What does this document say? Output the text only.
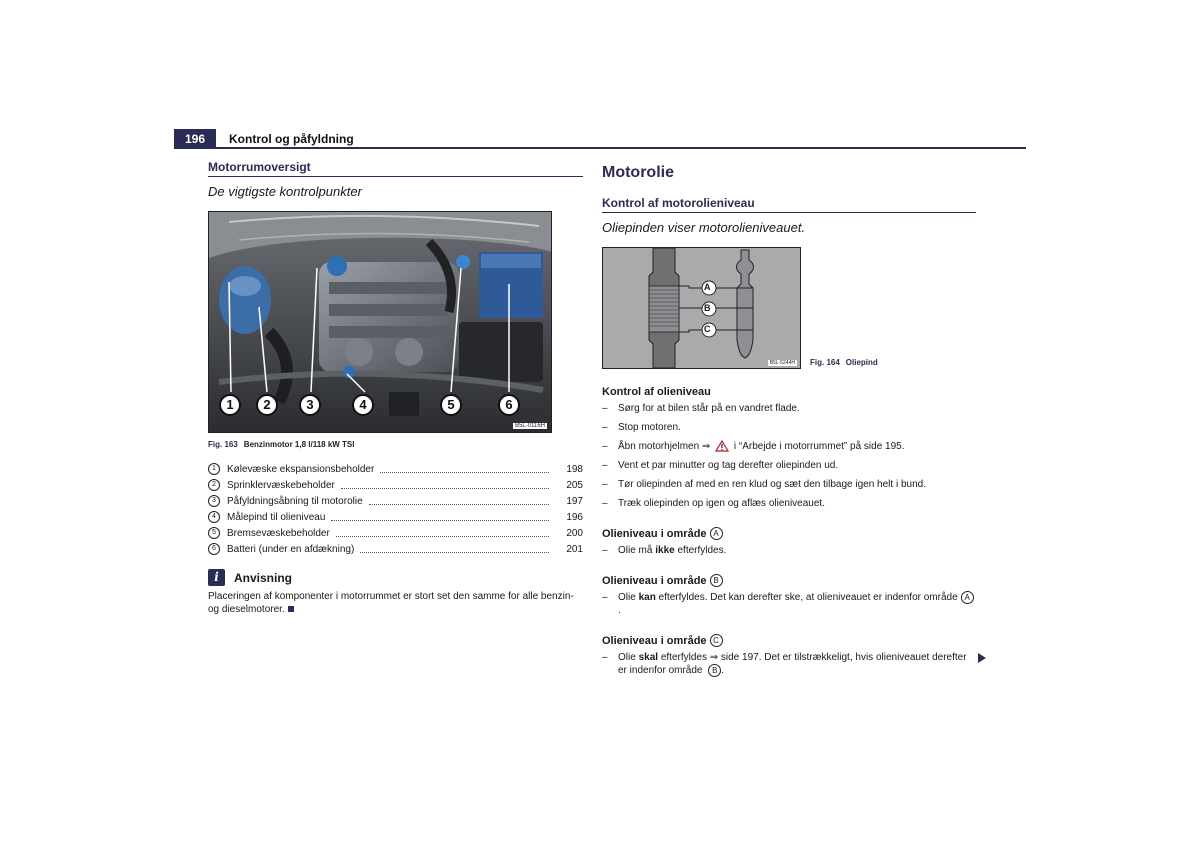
196	Kontrol og påfyldning
Motorrumoversigt
De vigtigste kontrolpunkter
1	2	3	4	5	6
B5L-0116H
Fig. 163 Benzinmotor 1,8 l/118 kW TSI
1	Kølevæske ekspansionsbeholder	198
2	Sprinklervæskebeholder	205
3	Påfyldningsåbning til motorolie	197
4	Målepind til olieniveau	196
5	Bremsevæskebeholder	200
6	Batteri (under en afdækning)	201
i	Anvisning
Placeringen af komponenter i motorrummet er stort set den samme for alle benzin- og dieselmotorer.
Motorolie
Kontrol af motorolieniveau
Oliepinden viser motorolieniveauet.
A
B
C
B5L-5244H Fig. 164 Oliepind
Kontrol af olieniveau
–	Sørg for at bilen står på en vandret flade.
–	Stop motoren.
–	Åbn motorhjelmen ⇒ i “Arbejde i motorrummet” på side 195.
–	Vent et par minutter og tag derefter oliepinden ud.
–	Tør oliepinden af med en ren klud og sæt den tilbage igen helt i bund.
–	Træk oliepinden op igen og aflæs olieniveauet.
Olieniveau i område A
–	Olie må ikke efterfyldes.
Olieniveau i område B
–	Olie kan efterfyldes. Det kan derefter ske, at olieniveauet er indenfor område A.
Olieniveau i område C
–	Olie skal efterfyldes ⇒ side 197. Det er tilstrækkeligt, hvis olieniveauet derefter er indenfor område B .
